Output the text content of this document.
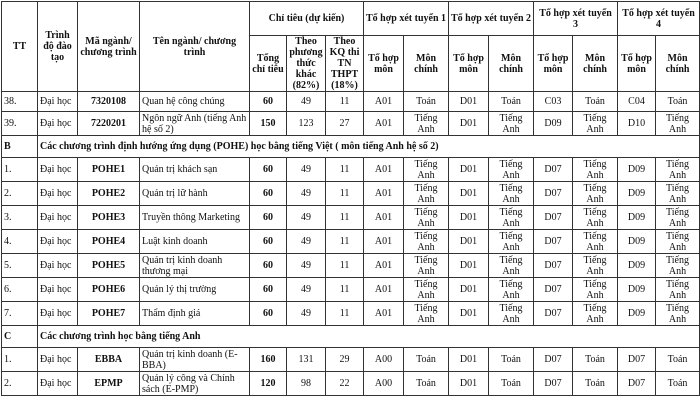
TT	Trình độ đào tạo	Mã ngành/ chương trình	Tên ngành/ chương trình	Chỉ tiêu (dự kiến)			Tổ hợp xét tuyển 1		Tổ hợp xét tuyển 2		Tổ hợp xét tuyển 3		Tổ hợp xét tuyển 4	
				Tổng chỉ tiêu	Theo phương thức khác (82%)	Theo KQ thi TN THPT (18%)	Tổ hợp môn	Môn chính	Tổ hợp môn	Môn chính	Tổ hợp môn	Môn chính	Tổ hợp môn	Môn chính
38.	Đại học	7320108	Quan hệ công chúng	60	49	11	A01	Toán	D01	Toán	C03	Toán	C04	Toán
39.	Đại học	7220201	Ngôn ngữ Anh (tiếng Anh hệ số 2)	150	123	27	A01	Tiếng Anh	D01	Tiếng Anh	D09	Tiếng Anh	D10	Tiếng Anh
B	Các chương trình định hướng ứng dụng (POHE) học bằng tiếng Việt ( môn tiếng Anh hệ số 2)													
1.	Đại học	POHE1	Quản trị khách sạn	60	49	11	A01	Tiếng Anh	D01	Tiếng Anh	D07	Tiếng Anh	D09	Tiếng Anh
2.	Đại học	POHE2	Quản trị lữ hành	60	49	11	A01	Tiếng Anh	D01	Tiếng Anh	D07	Tiếng Anh	D09	Tiếng Anh
3.	Đại học	POHE3	Truyền thông Marketing	60	49	11	A01	Tiếng Anh	D01	Tiếng Anh	D07	Tiếng Anh	D09	Tiếng Anh
4.	Đại học	POHE4	Luật kinh doanh	60	49	11	A01	Tiếng Anh	D01	Tiếng Anh	D07	Tiếng Anh	D09	Tiếng Anh
5.	Đại học	POHE5	Quản trị kinh doanh thương mại	60	49	11	A01	Tiếng Anh	D01	Tiếng Anh	D07	Tiếng Anh	D09	Tiếng Anh
6.	Đại học	POHE6	Quản lý thị trường	60	49	11	A01	Tiếng Anh	D01	Tiếng Anh	D07	Tiếng Anh	D09	Tiếng Anh
7.	Đại học	POHE7	Thẩm định giá	60	49	11	A01	Tiếng Anh	D01	Tiếng Anh	D07	Tiếng Anh	D09	Tiếng Anh
C	Các chương trình học bằng tiếng Anh													
1.	Đại học	EBBA	Quản trị kinh doanh (E-BBA)	160	131	29	A00	Toán	D01	Toán	D07	Toán	D07	Toán
2.	Đại học	EPMP	Quản lý công và Chính sách (E-PMP)	120	98	22	A00	Toán	D01	Toán	D07	Toán	D07	Toán
